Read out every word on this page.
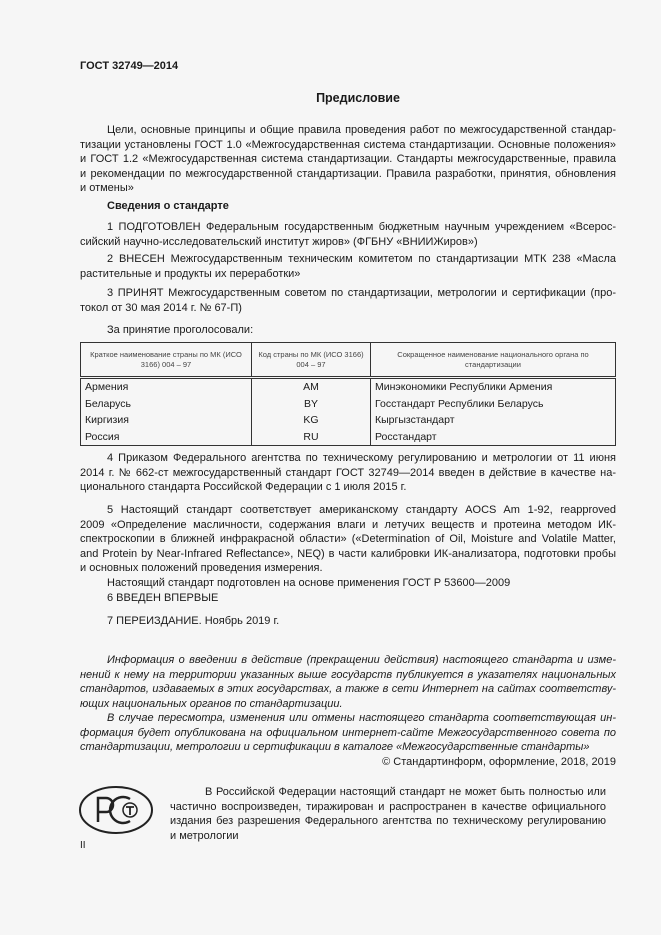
ГОСТ 32749—2014
Предисловие
Цели, основные принципы и общие правила проведения работ по межгосударственной стандар-
тизации установлены ГОСТ 1.0 «Межгосударственная система стандартизации. Основные положения»
и ГОСТ 1.2 «Межгосударственная система стандартизации. Стандарты межгосударственные, правила
и рекомендации по межгосударственной стандартизации. Правила разработки, принятия, обновления
и отмены»
Сведения о стандарте
1 ПОДГОТОВЛЕН Федеральным государственным бюджетным научным учреждением «Всерос-
сийский научно-исследовательский институт жиров» (ФГБНУ «ВНИИЖиров»)
2 ВНЕСЕН Межгосударственным техническим комитетом по стандартизации МТК 238 «Масла
растительные и продукты их переработки»
3 ПРИНЯТ Межгосударственным советом по стандартизации, метрологии и сертификации (про-
токол от 30 мая 2014 г. № 67-П)
За принятие проголосовали:
Краткое наименование страны по МК (ИСО 3166) 004 – 97	Код страны по МК (ИСО 3166) 004 – 97	Сокращенное наименование национального органа по стандартизации
Армения	AM	Минэкономики Республики Армения
Беларусь	BY	Госстандарт Республики Беларусь
Киргизия	KG	Кыргызстандарт
Россия	RU	Росстандарт
4 Приказом Федерального агентства по техническому регулированию и метрологии от 11 июня
2014 г. № 662-ст межгосударственный стандарт ГОСТ 32749—2014 введен в действие в качестве на-
ционального стандарта Российской Федерации с 1 июля 2015 г.
5 Настоящий стандарт соответствует американскому стандарту AOCS Am 1-92, reapproved
2009 «Определение масличности, содержания влаги и летучих веществ и протеина методом ИК-
спектроскопии в ближней инфракрасной области» («Determination of Oil, Moisture and Volatile Matter,
and Protein by Near-Infrared Reflectance», NEQ) в части калибровки ИК-анализатора, подготовки пробы
и основных положений проведения измерения.
Настоящий стандарт подготовлен на основе применения ГОСТ Р 53600—2009
6 ВВЕДЕН ВПЕРВЫЕ
7 ПЕРЕИЗДАНИЕ. Ноябрь 2019 г.
Информация о введении в действие (прекращении действия) настоящего стандарта и изме-
нений к нему на территории указанных выше государств публикуется в указателях национальных
стандартов, издаваемых в этих государствах, а также в сети Интернет на сайтах соответству-
ющих национальных органов по стандартизации.
В случае пересмотра, изменения или отмены настоящего стандарта соответствующая ин-
формация будет опубликована на официальном интернет-сайте Межгосударственного совета по
стандартизации, метрологии и сертификации в каталоге «Межгосударственные стандарты»
© Стандартинформ, оформление, 2018, 2019
В Российской Федерации настоящий стандарт не может быть полностью или
частично воспроизведен, тиражирован и распространен в качестве официального
издания без разрешения Федерального агентства по техническому регулированию
и метрологии
II
